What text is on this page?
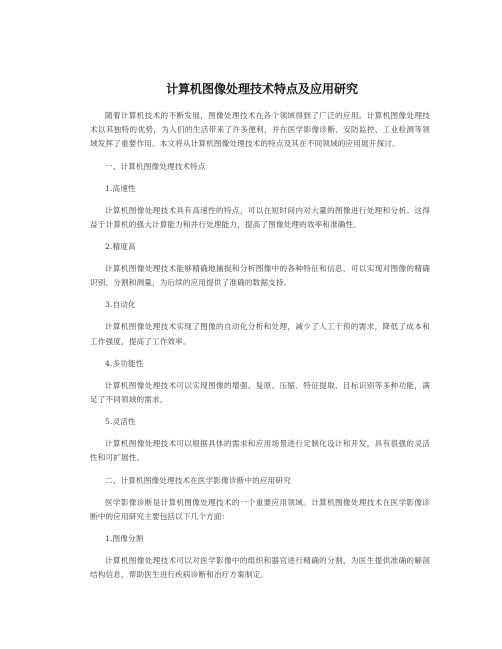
计算机图像处理技术特点及应用研究

随着计算机技术的不断发展，图像处理技术在各个领域得到了广泛的应用。计算机图像处理技术以其独特的优势，为人们的生活带来了许多便利，并在医学影像诊断、安防监控、工业检测等领域发挥了重要作用。本文将从计算机图像处理技术的特点及其在不同领域的应用展开探讨。

一、计算机图像处理技术特点

1.高速性

计算机图像处理技术具有高速性的特点，可以在短时间内对大量的图像进行处理和分析。这得益于计算机的强大计算能力和并行处理能力，提高了图像处理的效率和准确性。

2.精度高

计算机图像处理技术能够精确地捕捉和分析图像中的各种特征和信息，可以实现对图像的精确识别、分割和测量，为后续的应用提供了准确的数据支持。

3.自动化

计算机图像处理技术实现了图像的自动化分析和处理，减少了人工干预的需求，降低了成本和工作强度，提高了工作效率。

4.多功能性

计算机图像处理技术可以实现图像的增强、复原、压缩、特征提取、目标识别等多种功能，满足了不同领域的需求。

5.灵活性

计算机图像处理技术可以根据具体的需求和应用场景进行定制化设计和开发，具有很强的灵活性和可扩展性。

二、计算机图像处理技术在医学影像诊断中的应用研究

医学影像诊断是计算机图像处理技术的一个重要应用领域。计算机图像处理技术在医学影像诊断中的应用研究主要包括以下几个方面：

1.图像分割

计算机图像处理技术可以对医学影像中的组织和器官进行精确的分割，为医生提供准确的解剖结构信息，帮助医生进行疾病诊断和治疗方案制定。
